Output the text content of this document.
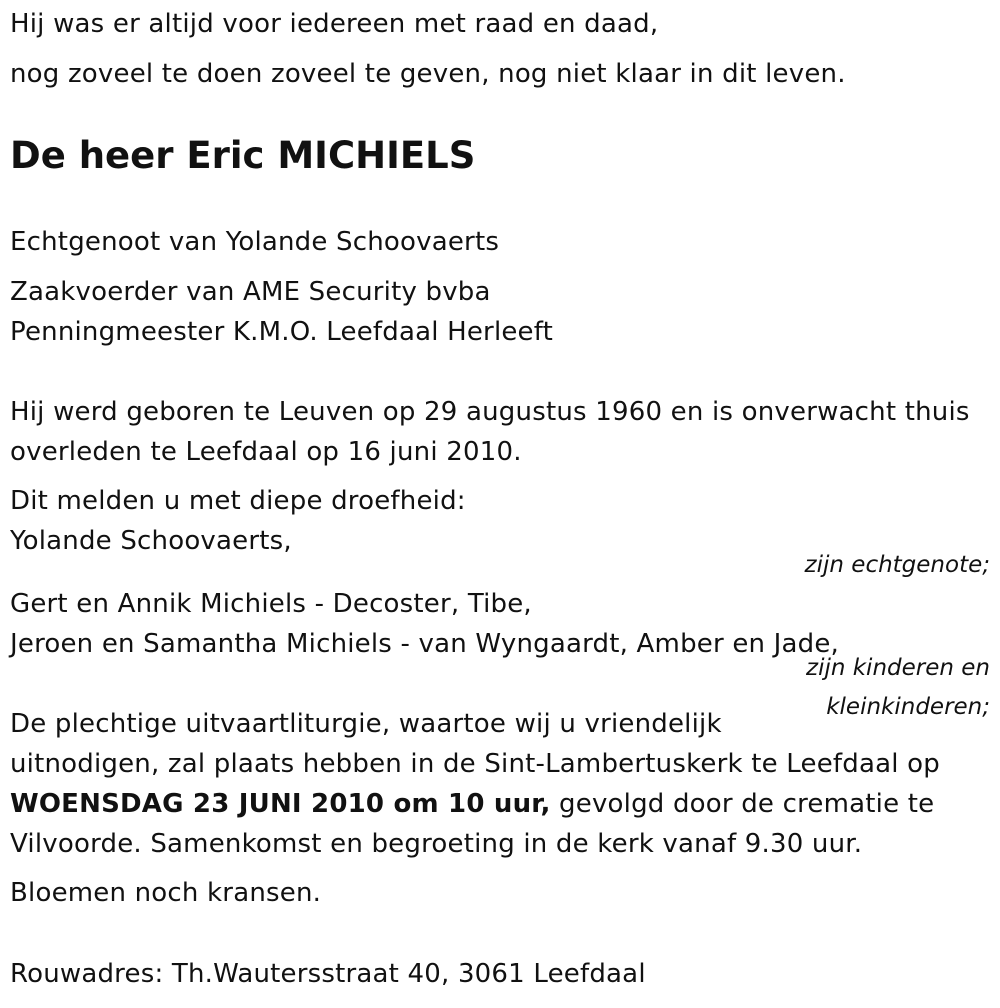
Hij was er altijd voor iedereen met raad en daad,

nog zoveel te doen zoveel te geven, nog niet klaar in dit leven.

De heer Eric MICHIELS

Echtgenoot van Yolande Schoovaerts

Zaakvoerder van AME Security bvba

Penningmeester K.M.O. Leefdaal Herleeft

Hij werd geboren te Leuven op 29 augustus 1960 en is onverwacht thuis

overleden te Leefdaal op 16 juni 2010.

Dit melden u met diepe droefheid:

Yolande Schoovaerts,

zijn echtgenote;

Gert en Annik Michiels - Decoster, Tibe,

Jeroen en Samantha Michiels - van Wyngaardt, Amber en Jade,

zijn kinderen en

kleinkinderen;

De plechtige uitvaartliturgie, waartoe wij u vriendelijk

uitnodigen, zal plaats hebben in de Sint-Lambertuskerk te Leefdaal op

WOENSDAG 23 JUNI 2010 om 10 uur, gevolgd door de crematie te

Vilvoorde. Samenkomst en begroeting in de kerk vanaf 9.30 uur.

Bloemen noch kransen.

Rouwadres: Th.Wautersstraat 40, 3061 Leefdaal
